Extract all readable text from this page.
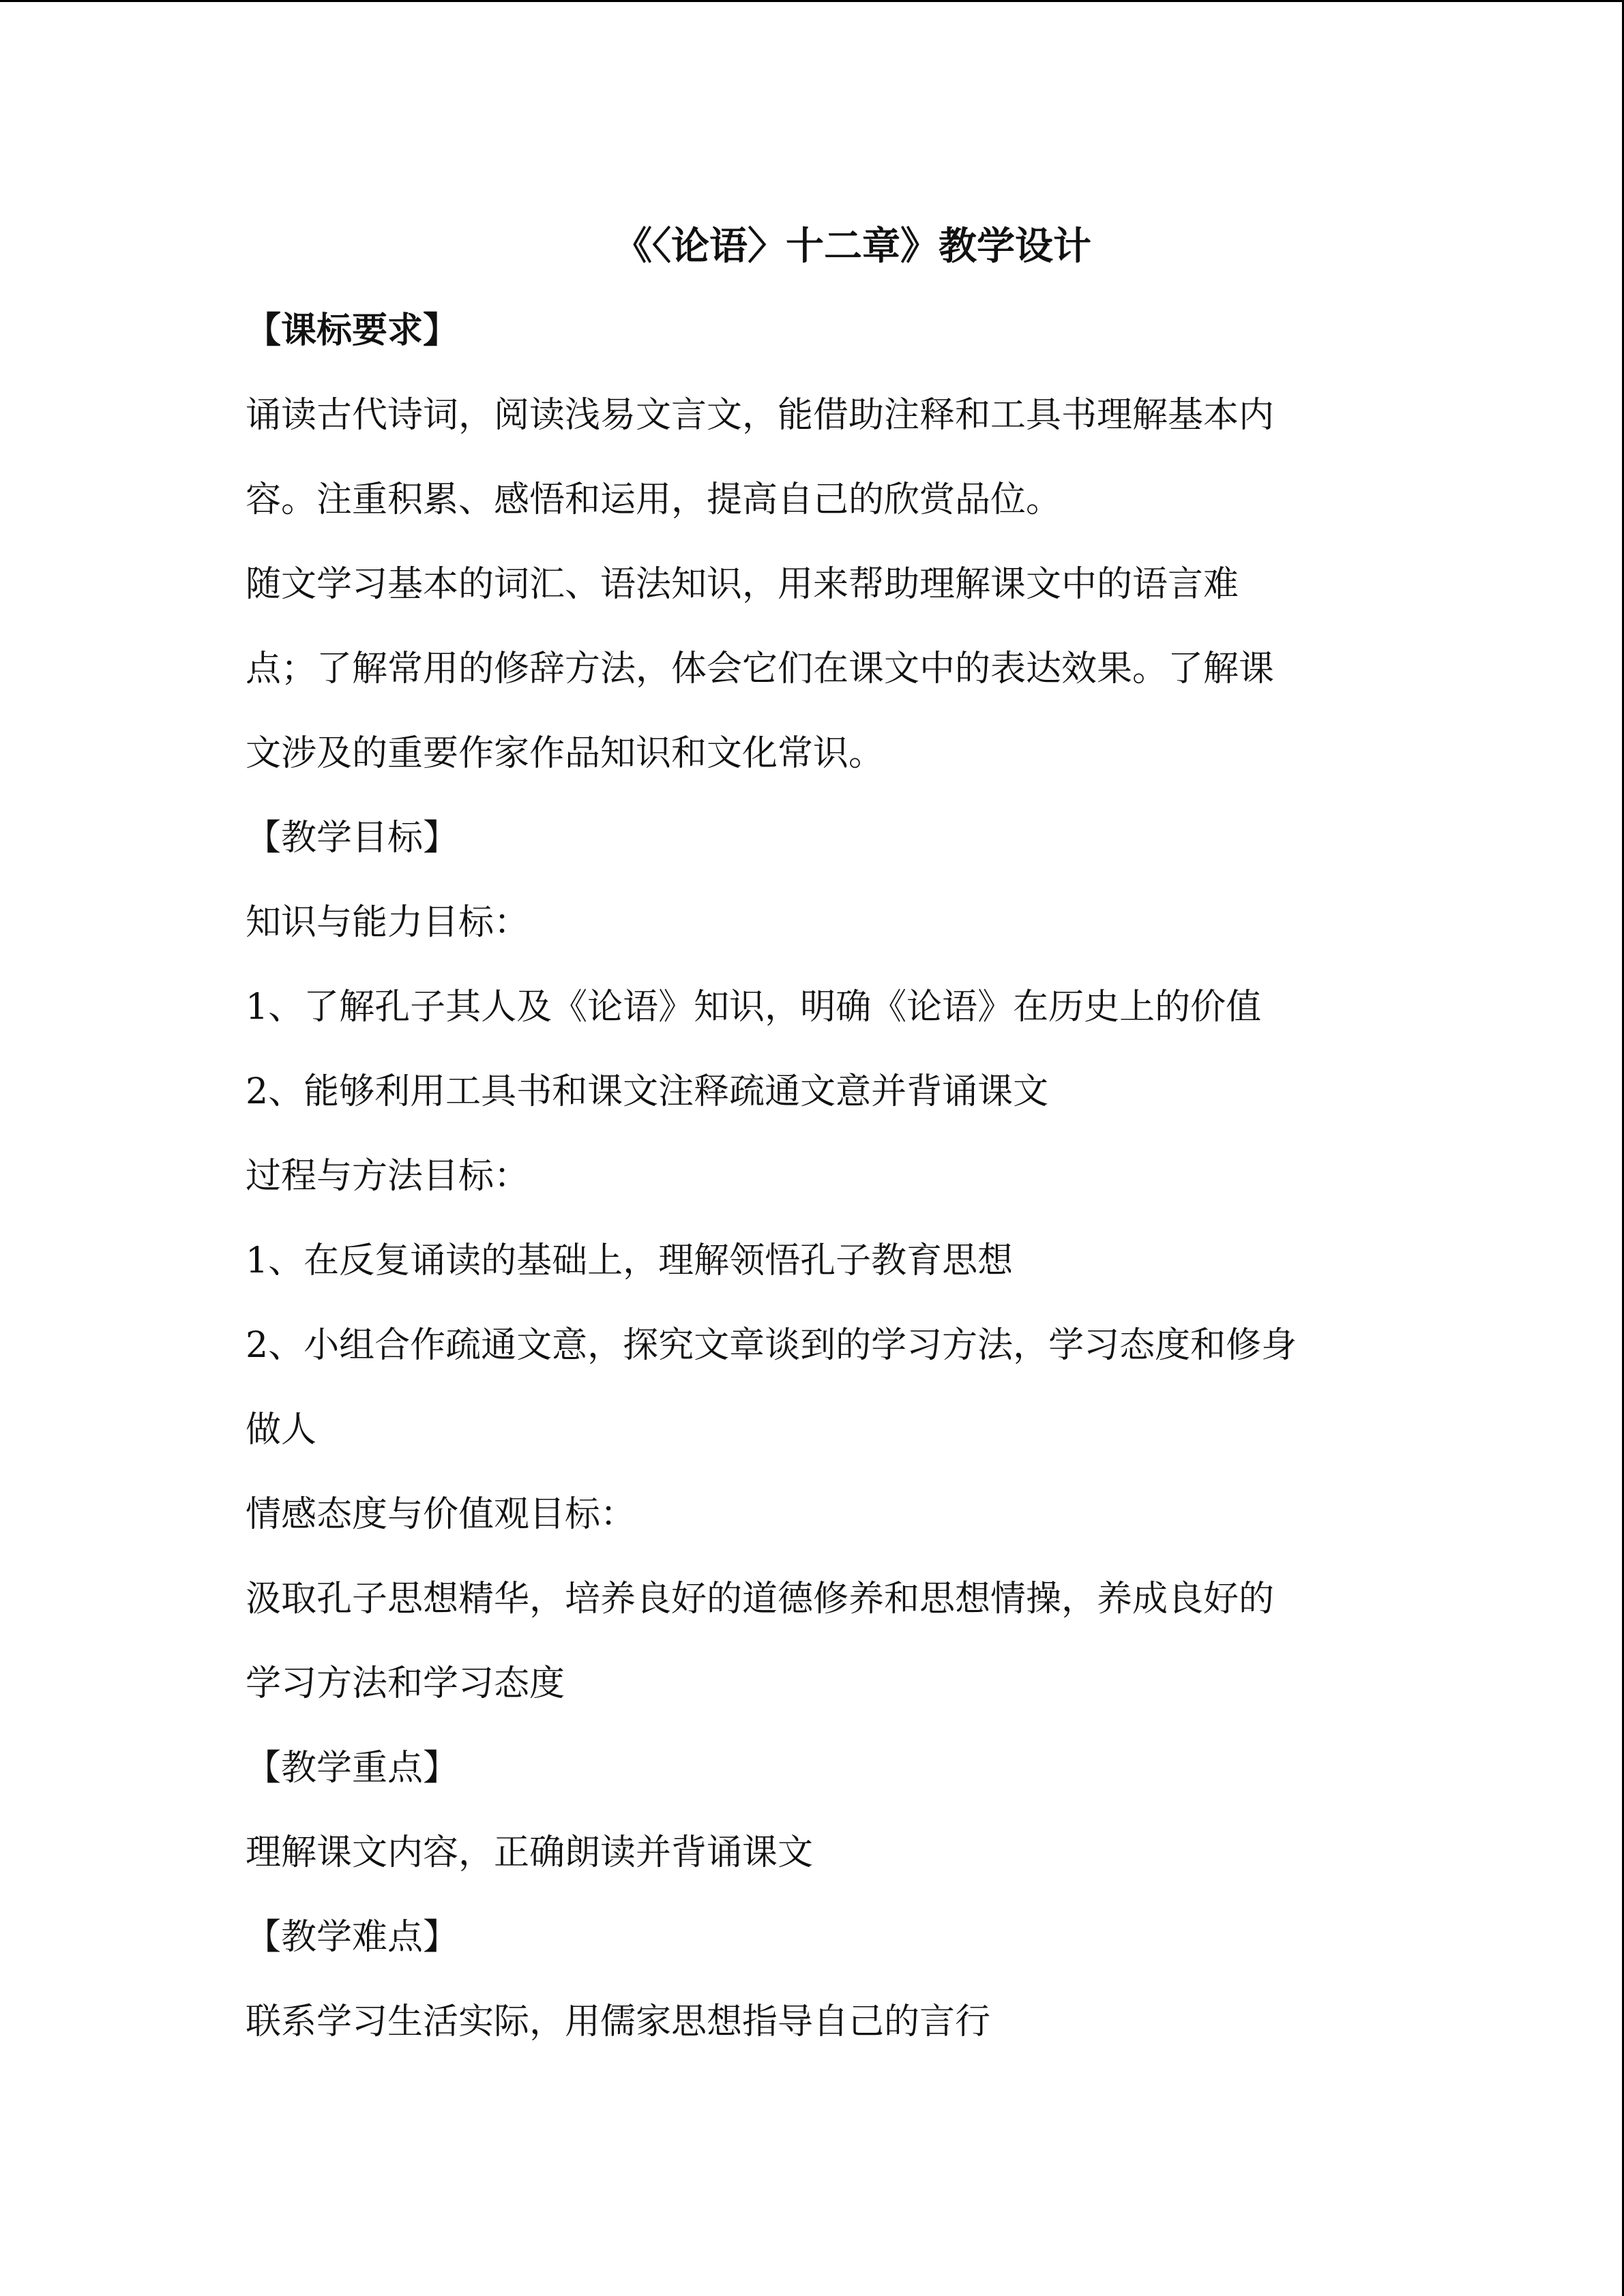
《〈论语〉十二章》教学设计

【课标要求】

诵读古代诗词，阅读浅易文言文，能借助注释和工具书理解基本内

容。注重积累、感悟和运用，提高自己的欣赏品位。

随文学习基本的词汇、语法知识，用来帮助理解课文中的语言难

点；了解常用的修辞方法，体会它们在课文中的表达效果。了解课

文涉及的重要作家作品知识和文化常识。

【教学目标】

知识与能力目标：

1、了解孔子其人及《论语》知识，明确《论语》在历史上的价值

2、能够利用工具书和课文注释疏通文意并背诵课文

过程与方法目标：

1、在反复诵读的基础上，理解领悟孔子教育思想

2、小组合作疏通文意，探究文章谈到的学习方法，学习态度和修身

做人

情感态度与价值观目标：

汲取孔子思想精华，培养良好的道德修养和思想情操，养成良好的

学习方法和学习态度

【教学重点】

理解课文内容，正确朗读并背诵课文

【教学难点】

联系学习生活实际，用儒家思想指导自己的言行
